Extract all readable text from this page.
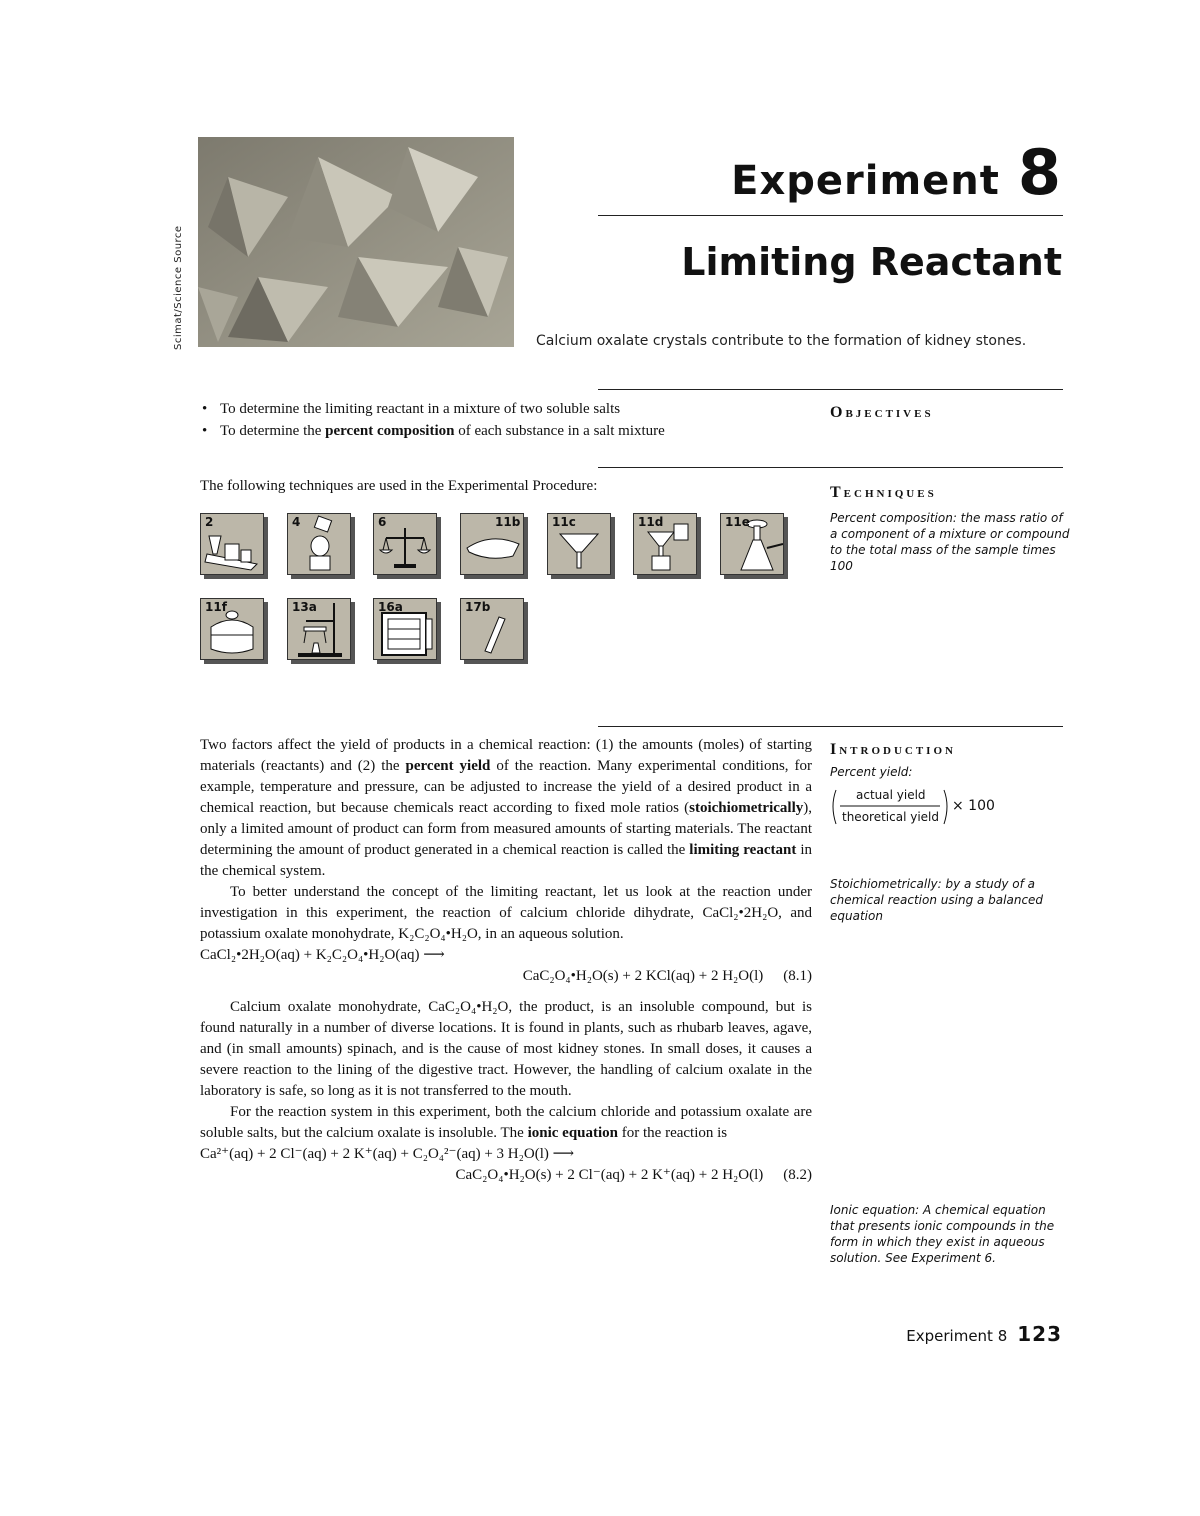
Scimat/Science Source
Experiment 8
Limiting Reactant
Calcium oxalate crystals contribute to the formation of kidney stones.
Objectives
• To determine the limiting reactant in a mixture of two soluble salts
• To determine the percent composition of each substance in a salt mixture
Techniques
The following techniques are used in the Experimental Procedure:
Percent composition: the mass ratio of a component of a mixture or compound to the total mass of the sample times 100
2	4	6	11b	11c	11d	11e
11f	13a	16a	17b
Introduction
Percent yield:
actual yield
theoretical yield
× 100
Stoichiometrically: by a study of a chemical reaction using a balanced equation
Ionic equation: A chemical equation that presents ionic compounds in the form in which they exist in aqueous solution. See Experiment 6.

Two factors affect the yield of products in a chemical reaction: (1) the amounts (moles) of starting materials (reactants) and (2) the percent yield of the reaction. Many experimental conditions, for example, temperature and pressure, can be adjusted to increase the yield of a desired product in a chemical reaction, but because chemicals react according to fixed mole ratios (stoichiometrically), only a limited amount of product can form from measured amounts of starting materials. The reactant determining the amount of product generated in a chemical reaction is called the limiting reactant in the chemical system.

To better understand the concept of the limiting reactant, let us look at the reaction under investigation in this experiment, the reaction of calcium chloride dihydrate, CaCl₂•2H₂O, and potassium oxalate monohydrate, K₂C₂O₄•H₂O, in an aqueous solution.

CaCl₂•2H₂O(aq) + K₂C₂O₄•H₂O(aq) ⟶

CaC₂O₄•H₂O(s) + 2 KCl(aq) + 2 H₂O(l) (8.1)

Calcium oxalate monohydrate, CaC₂O₄•H₂O, the product, is an insoluble compound, but is found naturally in a number of diverse locations. It is found in plants, such as rhubarb leaves, agave, and (in small amounts) spinach, and is the cause of most kidney stones. In small doses, it causes a severe reaction to the lining of the digestive tract. However, the handling of calcium oxalate in the laboratory is safe, so long as it is not transferred to the mouth.

For the reaction system in this experiment, both the calcium chloride and potassium oxalate are soluble salts, but the calcium oxalate is insoluble. The ionic equation for the reaction is

Ca²⁺(aq) + 2 Cl⁻(aq) + 2 K⁺(aq) + C₂O₄²⁻(aq) + 3 H₂O(l) ⟶

CaC₂O₄•H₂O(s) + 2 Cl⁻(aq) + 2 K⁺(aq) + 2 H₂O(l) (8.2)

Experiment 8 123
